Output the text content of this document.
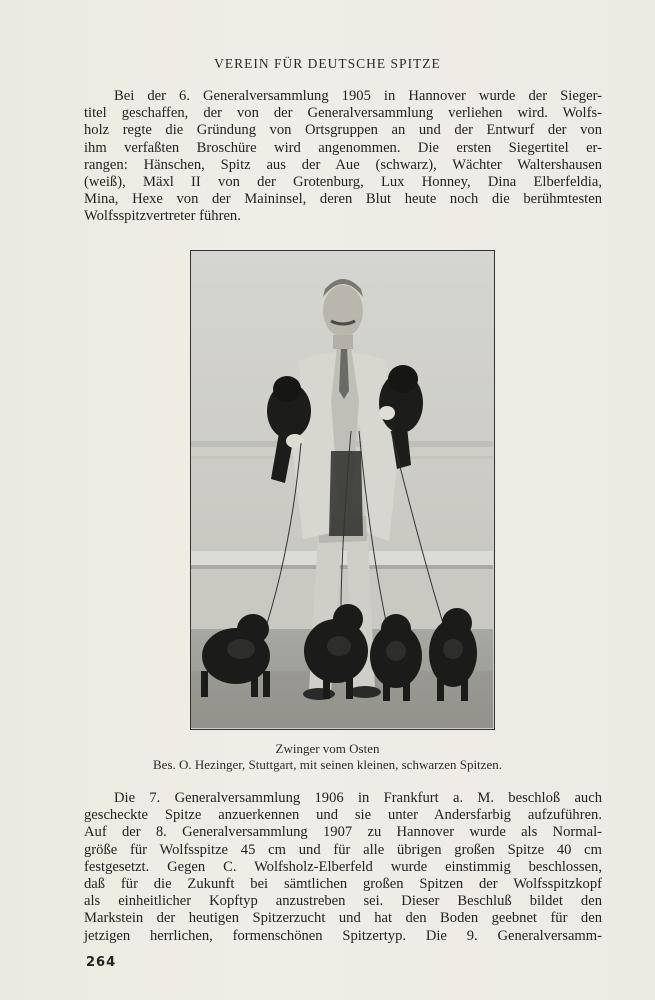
VEREIN FÜR DEUTSCHE SPITZE
Bei der 6. Generalversammlung 1905 in Hannover wurde der Sieger-
titel geschaffen, der von der Generalversammlung verliehen wird. Wolfs-
holz regte die Gründung von Ortsgruppen an und der Entwurf der von
ihm verfaßten Broschüre wird angenommen. Die ersten Siegertitel er-
rangen: Hänschen, Spitz aus der Aue (schwarz), Wächter Waltershausen
(weiß), Mäxl II von der Grotenburg, Lux Honney, Dina Elberfeldia,
Mina, Hexe von der Maininsel, deren Blut heute noch die berühmtesten
Wolfsspitzvertreter führen.
Zwinger vom Osten
Bes. O. Hezinger, Stuttgart, mit seinen kleinen, schwarzen Spitzen.
Die 7. Generalversammlung 1906 in Frankfurt a. M. beschloß auch
gescheckte Spitze anzuerkennen und sie unter Andersfarbig aufzuführen.
Auf der 8. Generalversammlung 1907 zu Hannover wurde als Normal-
größe für Wolfsspitze 45 cm und für alle übrigen großen Spitze 40 cm
festgesetzt. Gegen C. Wolfsholz-Elberfeld wurde einstimmig beschlossen,
daß für die Zukunft bei sämtlichen großen Spitzen der Wolfsspitzkopf
als einheitlicher Kopftyp anzustreben sei. Dieser Beschluß bildet den
Markstein der heutigen Spitzerzucht und hat den Boden geebnet für den
jetzigen herrlichen, formenschönen Spitzertyp. Die 9. Generalversamm-
264
